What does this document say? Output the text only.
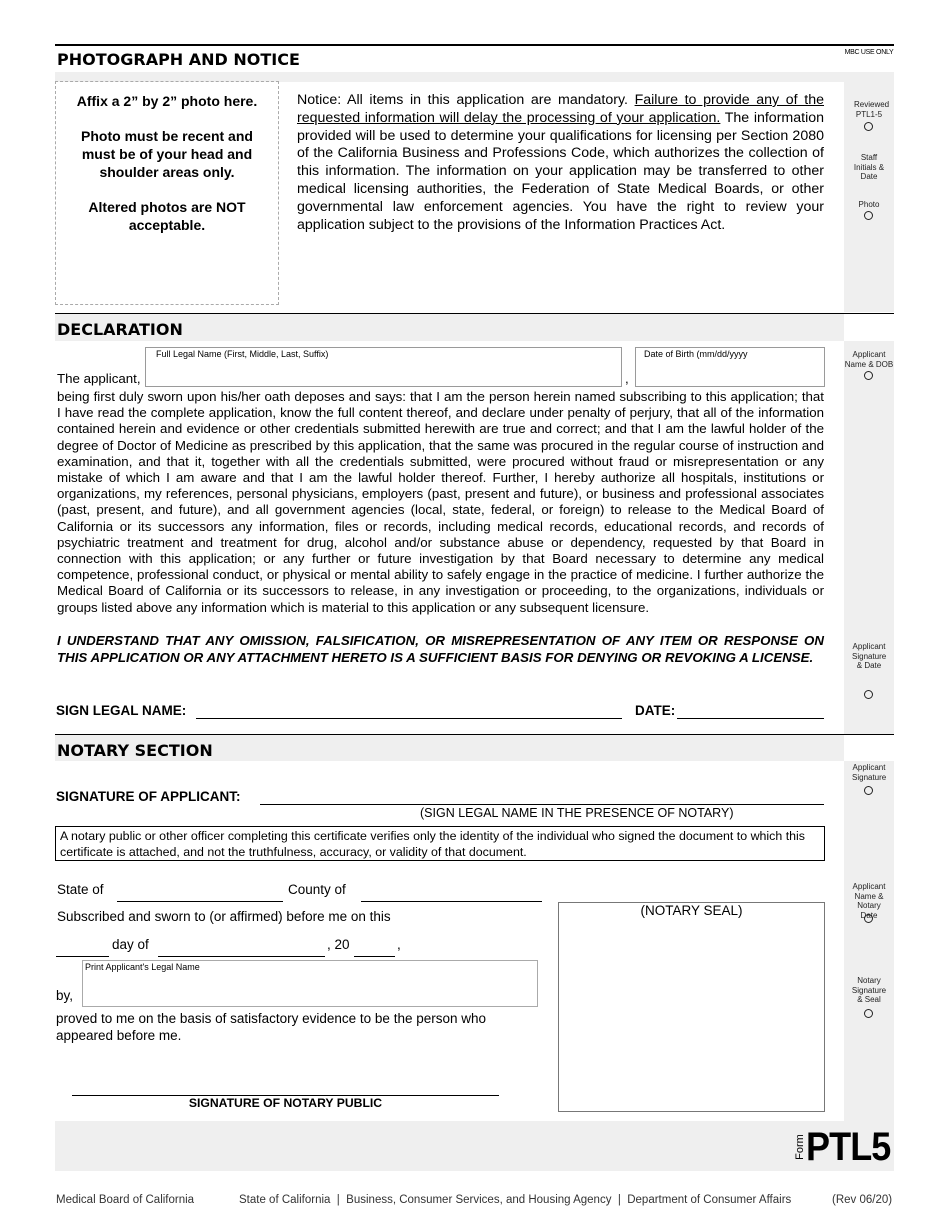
MBC USE ONLY
PHOTOGRAPH AND NOTICE
Affix a 2” by 2” photo here.
Photo must be recent and must be of your head and shoulder areas only.
Altered photos are NOT acceptable.
Notice: All items in this application are mandatory. Failure to provide any of the requested information will delay the processing of your application. The information provided will be used to determine your qualifications for licensing per Section 2080 of the California Business and Professions Code, which authorizes the collection of this information. The information on your application may be transferred to other medical licensing authorities, the Federation of State Medical Boards, or other governmental law enforcement agencies. You have the right to review your application subject to the provisions of the Information Practices Act.
Reviewed PTL1-5
Staff Initials & Date
Photo
DECLARATION
Full Legal Name (First, Middle, Last, Suffix)	Date of Birth (mm/dd/yyyy
The applicant,	,
being first duly sworn upon his/her oath deposes and says: that I am the person herein named subscribing to this application; that I have read the complete application, know the full content thereof, and declare under penalty of perjury, that all of the information contained herein and evidence or other credentials submitted herewith are true and correct; and that I am the lawful holder of the degree of Doctor of Medicine as prescribed by this application, that the same was procured in the regular course of instruction and examination, and that it, together with all the credentials submitted, were procured without fraud or misrepresentation or any mistake of which I am aware and that I am the lawful holder thereof. Further, I hereby authorize all hospitals, institutions or organizations, my references, personal physicians, employers (past, present and future), or business and professional associates (past, present, and future), and all government agencies (local, state, federal, or foreign) to release to the Medical Board of California or its successors any information, files or records, including medical records, educational records, and records of psychiatric treatment and treatment for drug, alcohol and/or substance abuse or dependency, requested by that Board in connection with this application; or any further or future investigation by that Board necessary to determine any medical competence, professional conduct, or physical or mental ability to safely engage in the practice of medicine. I further authorize the Medical Board of California or its successors to release, in any investigation or proceeding, to the organizations, individuals or groups listed above any information which is material to this application or any subsequent licensure.
I UNDERSTAND THAT ANY OMISSION, FALSIFICATION, OR MISREPRESENTATION OF ANY ITEM OR RESPONSE ON THIS APPLICATION OR ANY ATTACHMENT HERETO IS A SUFFICIENT BASIS FOR DENYING OR REVOKING A LICENSE.
SIGN LEGAL NAME:	DATE:
Applicant Name & DOB
Applicant Signature & Date
NOTARY SECTION
SIGNATURE OF APPLICANT:
(SIGN LEGAL NAME IN THE PRESENCE OF NOTARY)
A notary public or other officer completing this certificate verifies only the identity of the individual who signed the document to which this certificate is attached, and not the truthfulness, accuracy, or validity of that document.
State of	County of
Subscribed and sworn to (or affirmed) before me on this
day of	, 20	,
Print Applicant's Legal Name
by,
proved to me on the basis of satisfactory evidence to be the person who appeared before me.
SIGNATURE OF NOTARY PUBLIC
(NOTARY SEAL)
Applicant Signature
Applicant Name & Notary Date
Notary Signature & Seal
Form PTL5
Medical Board of California	State of California  |  Business, Consumer Services, and Housing Agency  |  Department of Consumer Affairs	(Rev 06/20)
